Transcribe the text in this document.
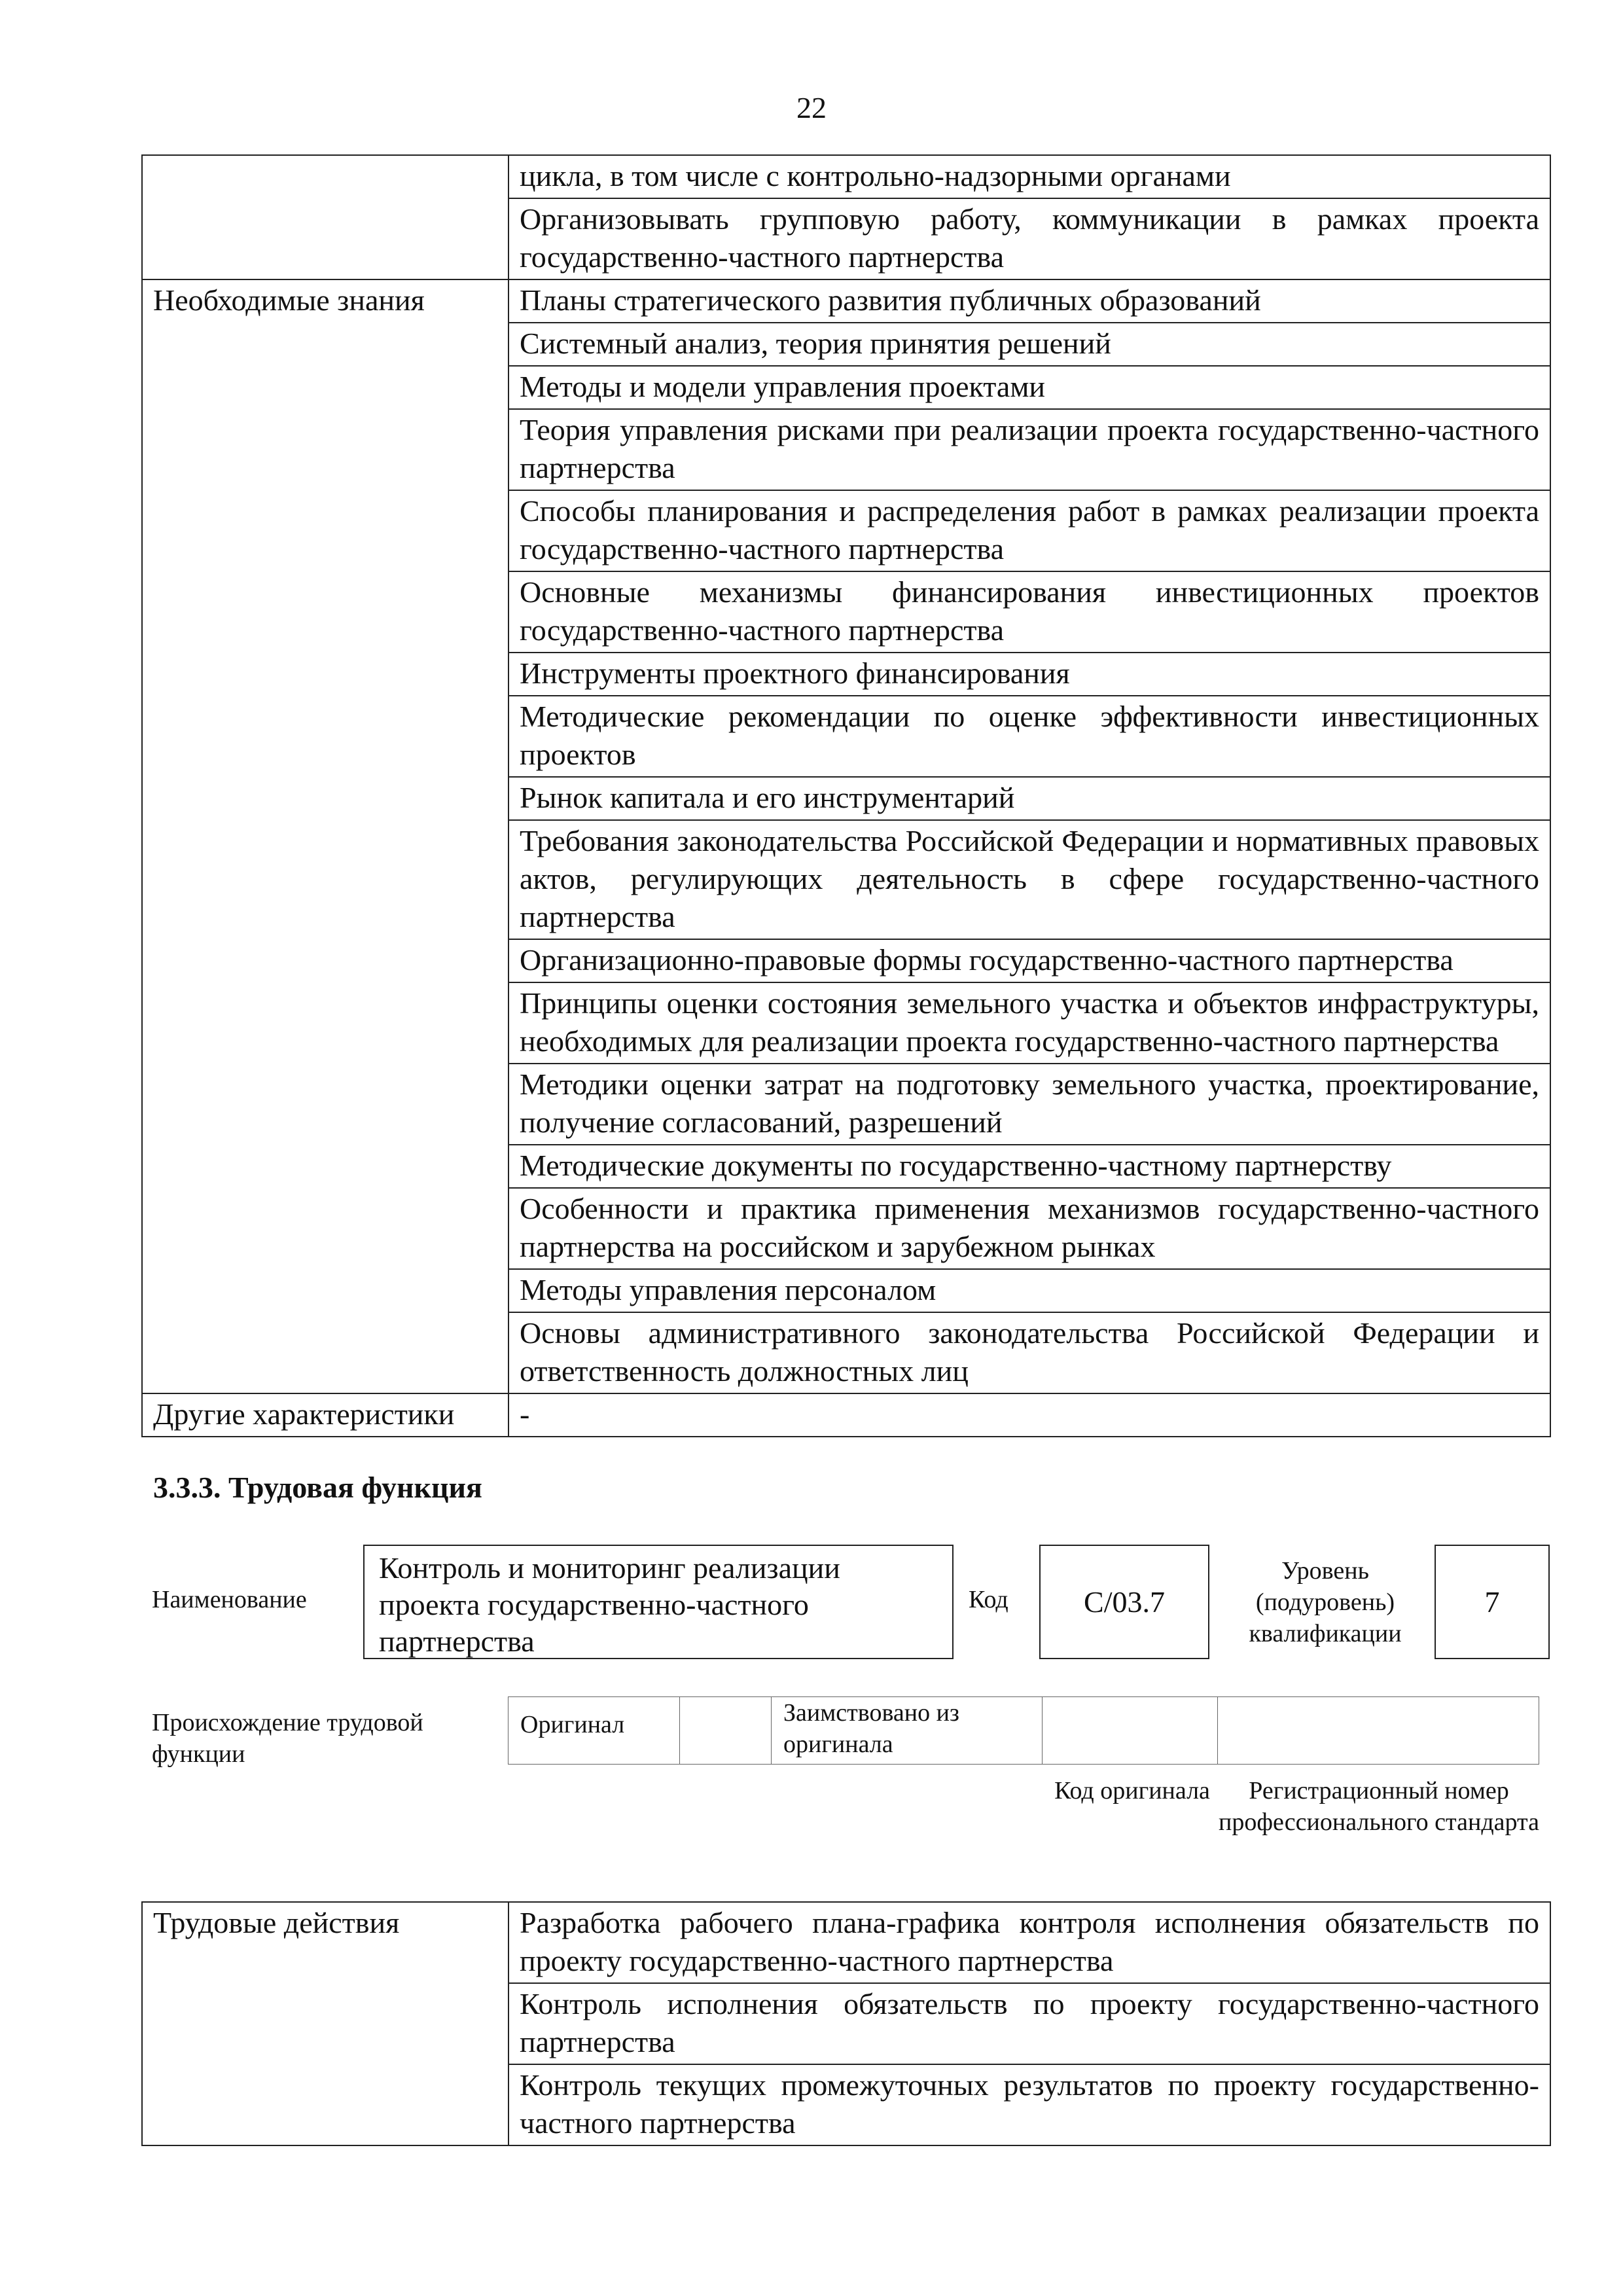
22
	цикла, в том числе с контрольно-надзорными органами
	Организовывать групповую работу, коммуникации в рамках проекта государственно-частного партнерства
Необходимые знания	Планы стратегического развития публичных образований
	Системный анализ, теория принятия решений
	Методы и модели управления проектами
	Теория управления рисками при реализации проекта государственно-частного партнерства
	Способы планирования и распределения работ в рамках реализации проекта государственно-частного партнерства
	Основные механизмы финансирования инвестиционных проектов государственно-частного партнерства
	Инструменты проектного финансирования
	Методические рекомендации по оценке эффективности инвестиционных проектов
	Рынок капитала и его инструментарий
	Требования законодательства Российской Федерации и нормативных правовых актов, регулирующих деятельность в сфере государственно-частного партнерства
	Организационно-правовые формы государственно-частного партнерства
	Принципы оценки состояния земельного участка и объектов инфраструктуры, необходимых для реализации проекта государственно-частного партнерства
	Методики оценки затрат на подготовку земельного участка, проектирование, получение согласований, разрешений
	Методические документы по государственно-частному партнерству
	Особенности и практика применения механизмов государственно-частного партнерства на российском и зарубежном рынках
	Методы управления персоналом
	Основы административного законодательства Российской Федерации и ответственность должностных лиц
Другие характеристики	-
3.3.3. Трудовая функция
Наименование
Контроль и мониторинг реализации проекта государственно-частного партнерства
Код	C/03.7
Уровень (подуровень) квалификации
7
Происхождение трудовой функции
Оригинал	Заимствовано из оригинала
Код оригинала	Регистрационный номер профессионального стандарта
Трудовые действия	Разработка рабочего плана-графика контроля исполнения обязательств по проекту государственно-частного партнерства
Контроль исполнения обязательств по проекту государственно-частного партнерства
Контроль текущих промежуточных результатов по проекту государственно-частного партнерства
